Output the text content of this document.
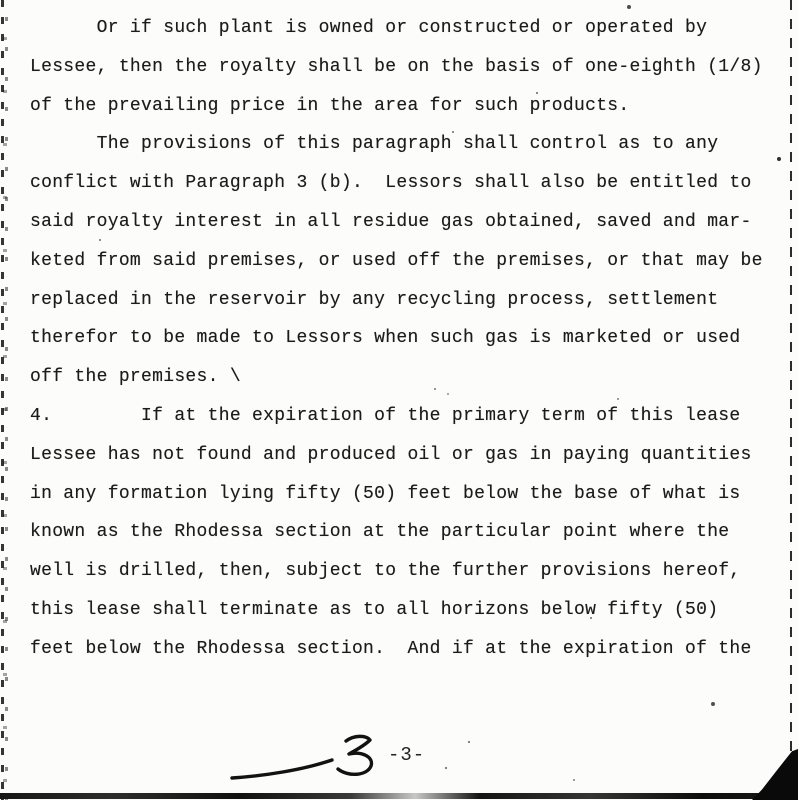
Or if such plant is owned or constructed or operated by
Lessee, then the royalty shall be on the basis of one-eighth (1/8)
of the prevailing price in the area for such products.
The provisions of this paragraph shall control as to any
conflict with Paragraph 3 (b).  Lessors shall also be entitled to
said royalty interest in all residue gas obtained, saved and mar-
keted from said premises, or used off the premises, or that may be
replaced in the reservoir by any recycling process, settlement
therefor to be made to Lessors when such gas is marketed or used
off the premises. \
4.        If at the expiration of the primary term of this lease
Lessee has not found and produced oil or gas in paying quantities
in any formation lying fifty (50) feet below the base of what is
known as the Rhodessa section at the particular point where the
well is drilled, then, subject to the further provisions hereof,
this lease shall terminate as to all horizons below fifty (50)
feet below the Rhodessa section.  And if at the expiration of the
-3-
